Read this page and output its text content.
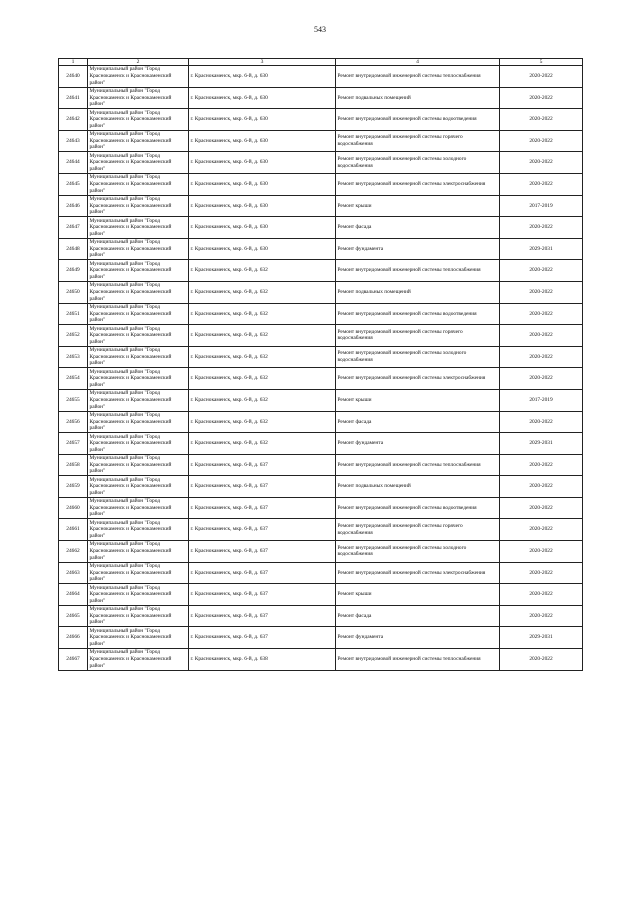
543
1	2	3	4	5
24640	Муниципальный район "Город Краснокаменск и Краснокаменский район"	г. Краснокаменск, мкр. 6-й, д. 630	Ремонт внутридомовой инженерной системы теплоснабжения	2020-2022
24641	Муниципальный район "Город Краснокаменск и Краснокаменский район"	г. Краснокаменск, мкр. 6-й, д. 630	Ремонт подвальных помещений	2020-2022
24642	Муниципальный район "Город Краснокаменск и Краснокаменский район"	г. Краснокаменск, мкр. 6-й, д. 630	Ремонт внутридомовой инженерной системы водоотведения	2020-2022
24643	Муниципальный район "Город Краснокаменск и Краснокаменский район"	г. Краснокаменск, мкр. 6-й, д. 630	Ремонт внутридомовой инженерной системы горячего водоснабжения	2020-2022
24644	Муниципальный район "Город Краснокаменск и Краснокаменский район"	г. Краснокаменск, мкр. 6-й, д. 630	Ремонт внутридомовой инженерной системы холодного водоснабжения	2020-2022
24645	Муниципальный район "Город Краснокаменск и Краснокаменский район"	г. Краснокаменск, мкр. 6-й, д. 630	Ремонт внутридомовой инженерной системы электроснабжения	2020-2022
24646	Муниципальный район "Город Краснокаменск и Краснокаменский район"	г. Краснокаменск, мкр. 6-й, д. 630	Ремонт крыши	2017-2019
24647	Муниципальный район "Город Краснокаменск и Краснокаменский район"	г. Краснокаменск, мкр. 6-й, д. 630	Ремонт фасада	2020-2022
24648	Муниципальный район "Город Краснокаменск и Краснокаменский район"	г. Краснокаменск, мкр. 6-й, д. 630	Ремонт фундамента	2029-2031
24649	Муниципальный район "Город Краснокаменск и Краснокаменский район"	г. Краснокаменск, мкр. 6-й, д. 632	Ремонт внутридомовой инженерной системы теплоснабжения	2020-2022
24650	Муниципальный район "Город Краснокаменск и Краснокаменский район"	г. Краснокаменск, мкр. 6-й, д. 632	Ремонт подвальных помещений	2020-2022
24651	Муниципальный район "Город Краснокаменск и Краснокаменский район"	г. Краснокаменск, мкр. 6-й, д. 632	Ремонт внутридомовой инженерной системы водоотведения	2020-2022
24652	Муниципальный район "Город Краснокаменск и Краснокаменский район"	г. Краснокаменск, мкр. 6-й, д. 632	Ремонт внутридомовой инженерной системы горячего водоснабжения	2020-2022
24653	Муниципальный район "Город Краснокаменск и Краснокаменский район"	г. Краснокаменск, мкр. 6-й, д. 632	Ремонт внутридомовой инженерной системы холодного водоснабжения	2020-2022
24654	Муниципальный район "Город Краснокаменск и Краснокаменский район"	г. Краснокаменск, мкр. 6-й, д. 632	Ремонт внутридомовой инженерной системы электроснабжения	2020-2022
24655	Муниципальный район "Город Краснокаменск и Краснокаменский район"	г. Краснокаменск, мкр. 6-й, д. 632	Ремонт крыши	2017-2019
24656	Муниципальный район "Город Краснокаменск и Краснокаменский район"	г. Краснокаменск, мкр. 6-й, д. 632	Ремонт фасада	2020-2022
24657	Муниципальный район "Город Краснокаменск и Краснокаменский район"	г. Краснокаменск, мкр. 6-й, д. 632	Ремонт фундамента	2029-2031
24658	Муниципальный район "Город Краснокаменск и Краснокаменский район"	г. Краснокаменск, мкр. 6-й, д. 637	Ремонт внутридомовой инженерной системы теплоснабжения	2020-2022
24659	Муниципальный район "Город Краснокаменск и Краснокаменский район"	г. Краснокаменск, мкр. 6-й, д. 637	Ремонт подвальных помещений	2020-2022
24660	Муниципальный район "Город Краснокаменск и Краснокаменский район"	г. Краснокаменск, мкр. 6-й, д. 637	Ремонт внутридомовой инженерной системы водоотведения	2020-2022
24661	Муниципальный район "Город Краснокаменск и Краснокаменский район"	г. Краснокаменск, мкр. 6-й, д. 637	Ремонт внутридомовой инженерной системы горячего водоснабжения	2020-2022
24662	Муниципальный район "Город Краснокаменск и Краснокаменский район"	г. Краснокаменск, мкр. 6-й, д. 637	Ремонт внутридомовой инженерной системы холодного водоснабжения	2020-2022
24663	Муниципальный район "Город Краснокаменск и Краснокаменский район"	г. Краснокаменск, мкр. 6-й, д. 637	Ремонт внутридомовой инженерной системы электроснабжения	2020-2022
24664	Муниципальный район "Город Краснокаменск и Краснокаменский район"	г. Краснокаменск, мкр. 6-й, д. 637	Ремонт крыши	2020-2022
24665	Муниципальный район "Город Краснокаменск и Краснокаменский район"	г. Краснокаменск, мкр. 6-й, д. 637	Ремонт фасада	2020-2022
24666	Муниципальный район "Город Краснокаменск и Краснокаменский район"	г. Краснокаменск, мкр. 6-й, д. 637	Ремонт фундамента	2029-2031
24667	Муниципальный район "Город Краснокаменск и Краснокаменский район"	г. Краснокаменск, мкр. 6-й, д. 638	Ремонт внутридомовой инженерной системы теплоснабжения	2020-2022
